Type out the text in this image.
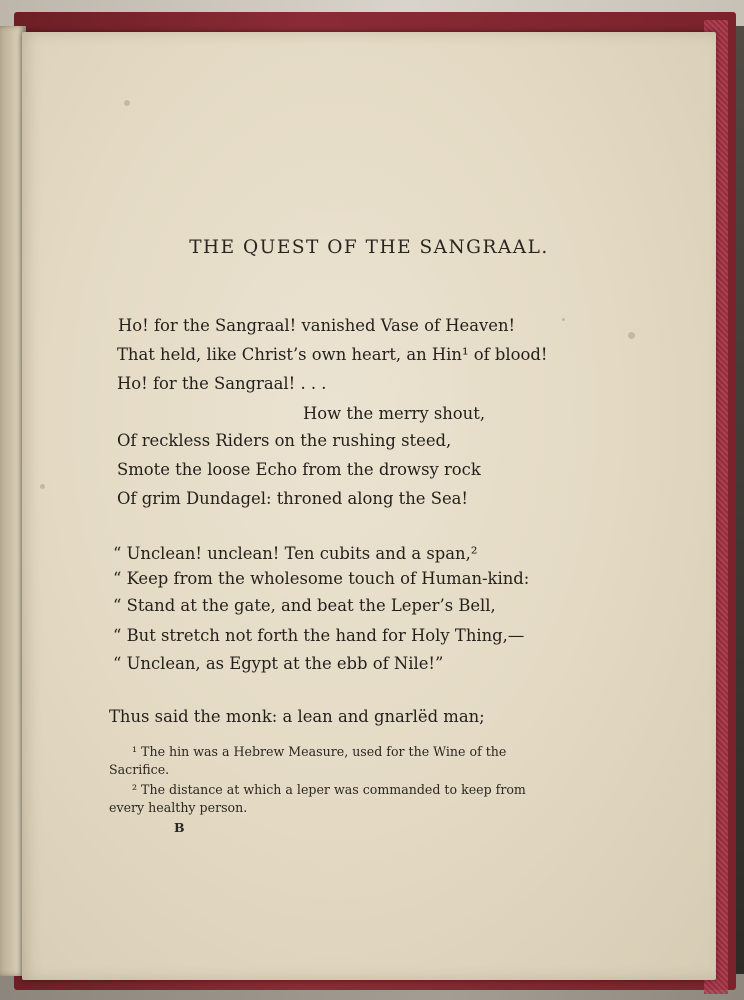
THE QUEST OF THE SANGRAAL.
Ho! for the Sangraal! vanished Vase of Heaven!
That held, like Christ’s own heart, an Hin¹ of blood!
Ho! for the Sangraal! . . .
How the merry shout,
Of reckless Riders on the rushing steed,
Smote the loose Echo from the drowsy rock
Of grim Dundagel: throned along the Sea!
“ Unclean! unclean! Ten cubits and a span,²
“ Keep from the wholesome touch of Human-kind:
“ Stand at the gate, and beat the Leper’s Bell,
“ But stretch not forth the hand for Holy Thing,—
“ Unclean, as Egypt at the ebb of Nile!”
Thus said the monk: a lean and gnarlëd man;
¹ The hin was a Hebrew Measure, used for the Wine of the
Sacrifice.
² The distance at which a leper was commanded to keep from
every healthy person.
B
